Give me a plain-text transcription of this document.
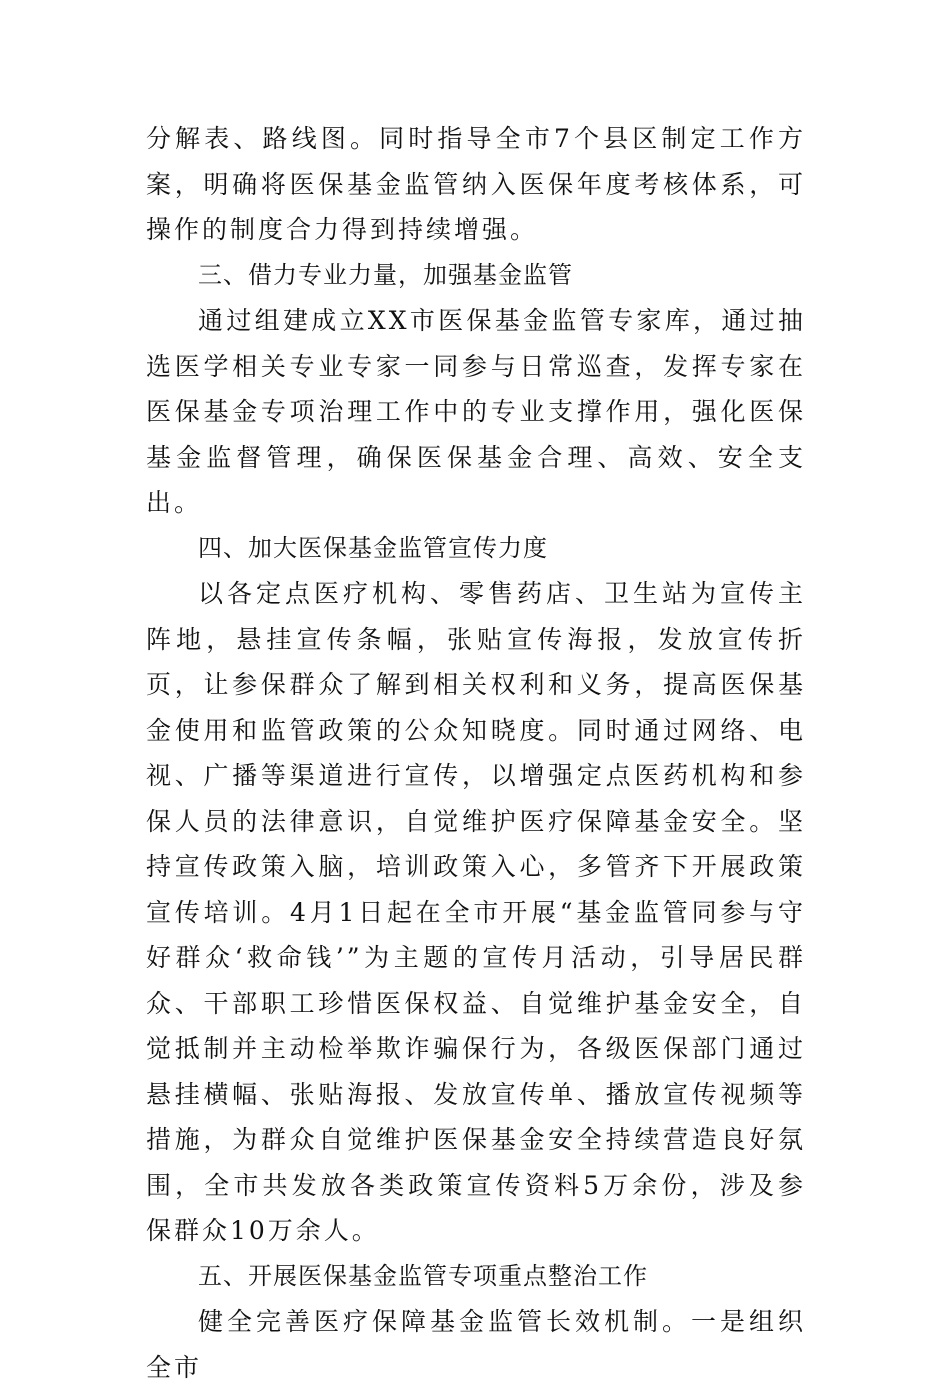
分解表、路线图。同时指导全市7个县区制定工作方案，明确将医保基金监管纳入医保年度考核体系，可操作的制度合力得到持续增强。

三、借力专业力量，加强基金监管

通过组建成立XX市医保基金监管专家库，通过抽选医学相关专业专家一同参与日常巡查，发挥专家在医保基金专项治理工作中的专业支撑作用，强化医保基金监督管理，确保医保基金合理、高效、安全支出。

四、加大医保基金监管宣传力度

以各定点医疗机构、零售药店、卫生站为宣传主阵地，悬挂宣传条幅，张贴宣传海报，发放宣传折页，让参保群众了解到相关权利和义务，提高医保基金使用和监管政策的公众知晓度。同时通过网络、电视、广播等渠道进行宣传，以增强定点医药机构和参保人员的法律意识，自觉维护医疗保障基金安全。坚持宣传政策入脑，培训政策入心，多管齐下开展政策宣传培训。4月1日起在全市开展“基金监管同参与守好群众‘救命钱’”为主题的宣传月活动，引导居民群众、干部职工珍惜医保权益、自觉维护基金安全，自觉抵制并主动检举欺诈骗保行为，各级医保部门通过悬挂横幅、张贴海报、发放宣传单、播放宣传视频等措施，为群众自觉维护医保基金安全持续营造良好氛围，全市共发放各类政策宣传资料5万余份，涉及参保群众10万余人。

五、开展医保基金监管专项重点整治工作

健全完善医疗保障基金监管长效机制。一是组织全市
